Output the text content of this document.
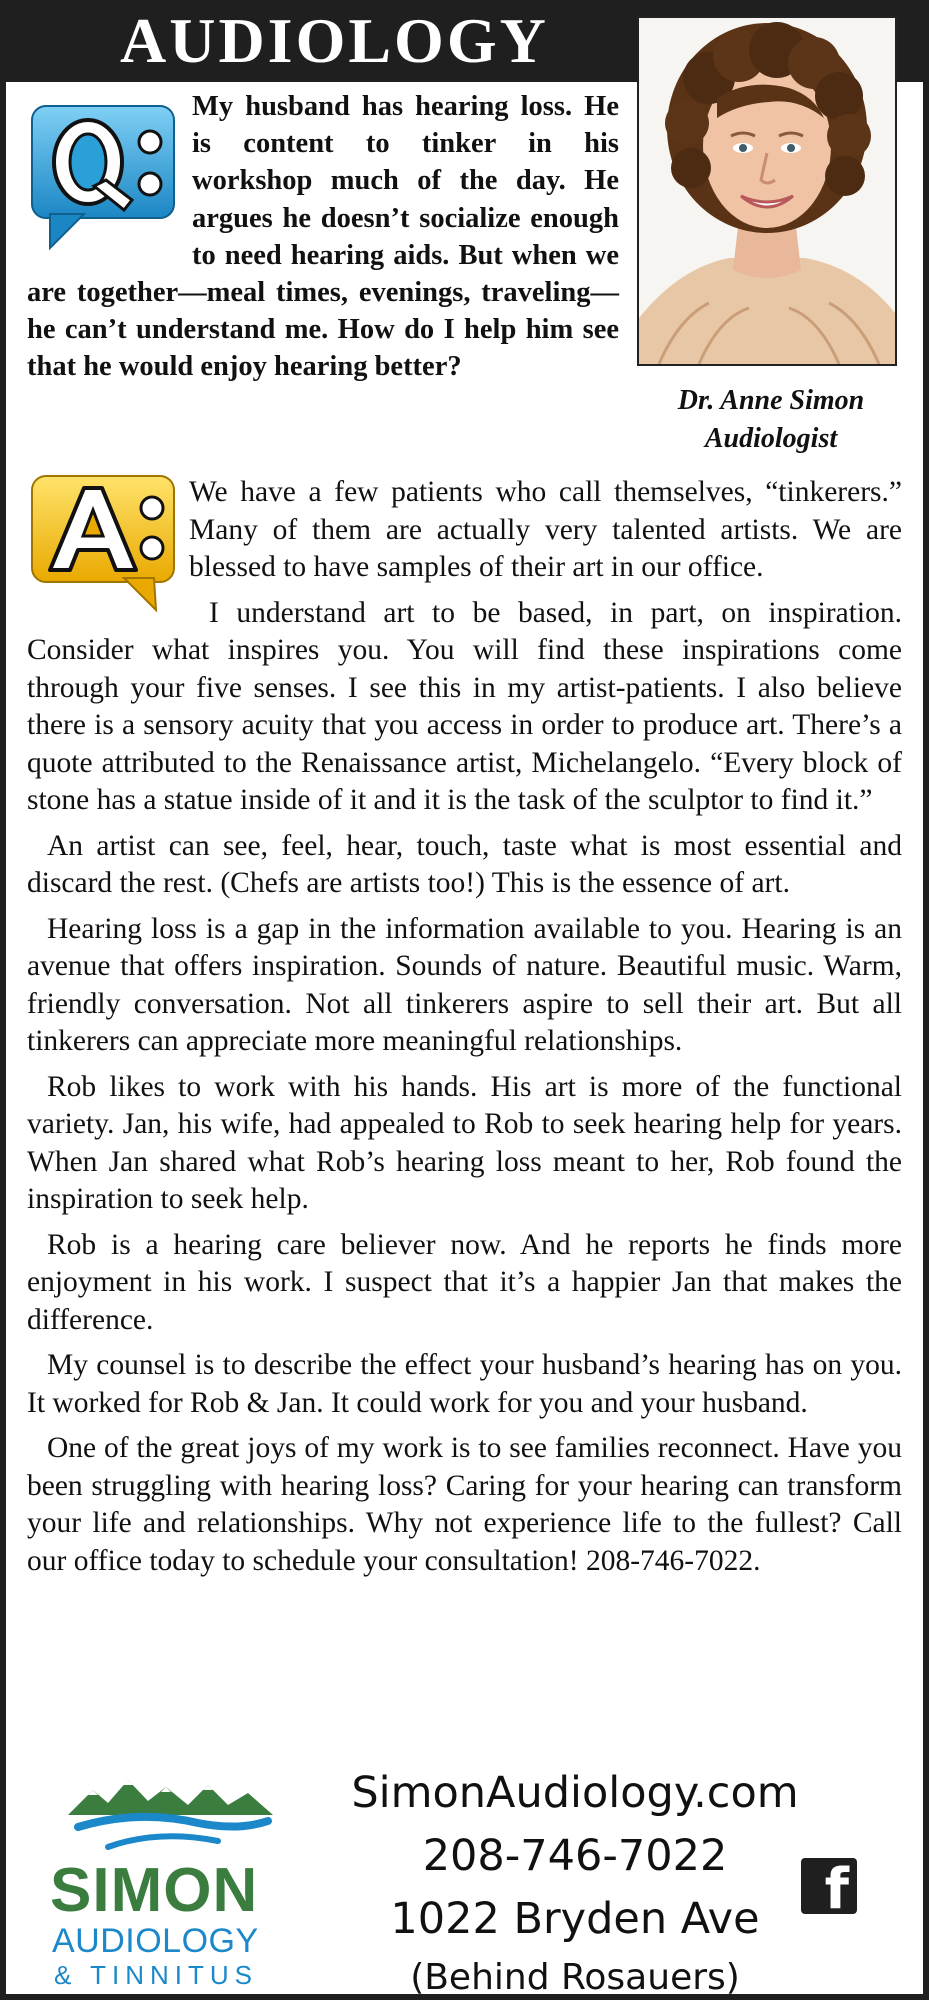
AUDIOLOGY
Dr. Anne Simon
Audiologist
Q	My husband has hearing loss. He is content to tinker in his workshop much of the day. He argues he doesn’t socialize enough to need hearing aids. But when we are together—meal times, evenings, traveling—he can’t understand me. How do I help him see that he would enjoy hearing better?
A

We have a few patients who call themselves, “tinkerers.” Many of them are actually very talented artists. We are blessed to have samples of their art in our office.

I understand art to be based, in part, on inspiration. Consider what inspires you. You will find these inspirations come through your five senses. I see this in my artist-patients. I also believe there is a sensory acuity that you access in order to produce art. There’s a quote attributed to the Renaissance artist, Michelangelo. “Every block of stone has a statue inside of it and it is the task of the sculptor to find it.”

An artist can see, feel, hear, touch, taste what is most essential and discard the rest. (Chefs are artists too!) This is the essence of art.

Hearing loss is a gap in the information available to you. Hearing is an avenue that offers inspiration. Sounds of nature. Beautiful music. Warm, friendly conversation. Not all tinkerers aspire to sell their art. But all tinkerers can appreciate more meaningful relationships.

Rob likes to work with his hands. His art is more of the functional variety. Jan, his wife, had appealed to Rob to seek hearing help for years. When Jan shared what Rob’s hearing loss meant to her, Rob found the inspiration to seek help.

Rob is a hearing care believer now. And he reports he finds more enjoyment in his work. I suspect that it’s a happier Jan that makes the difference.

My counsel is to describe the effect your husband’s hearing has on you. It worked for Rob & Jan. It could work for you and your husband.

One of the great joys of my work is to see families reconnect. Have you been struggling with hearing loss? Caring for your hearing can transform your life and relationships. Why not experience life to the fullest? Call our office today to schedule your consultation! 208-746-7022.

SIMON
AUDIOLOGY
& TINNITUS
SimonAudiology.com
208-746-7022
1022 Bryden Ave
(Behind Rosauers)
f
